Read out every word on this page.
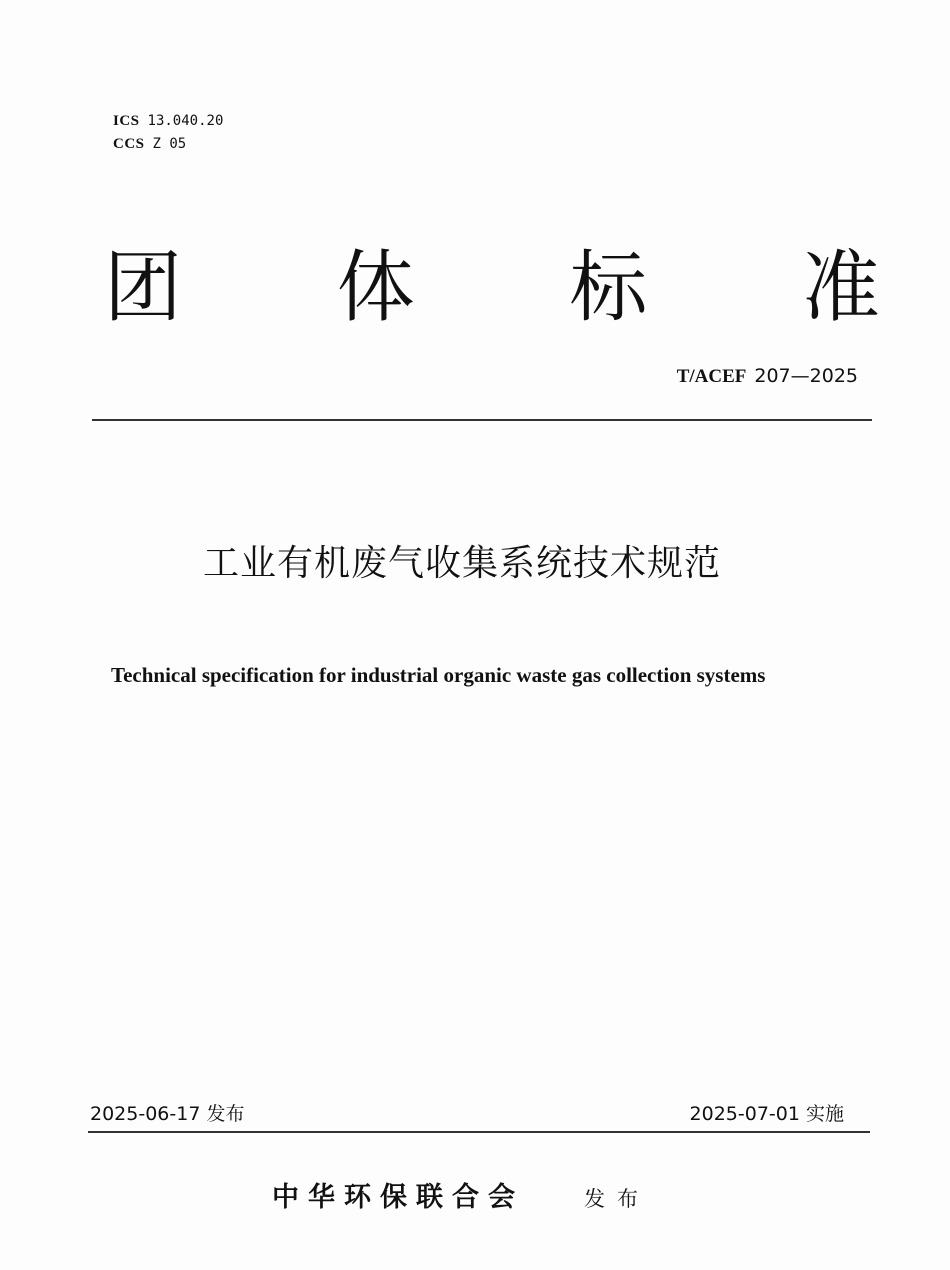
ICS 13.040.20
CCS Z 05
团 体 标 准
T/ACEF 207—2025
工业有机废气收集系统技术规范
Technical specification for industrial organic waste gas collection systems
2025-06-17 发布	2025-07-01 实施
中华环保联合会	发布
